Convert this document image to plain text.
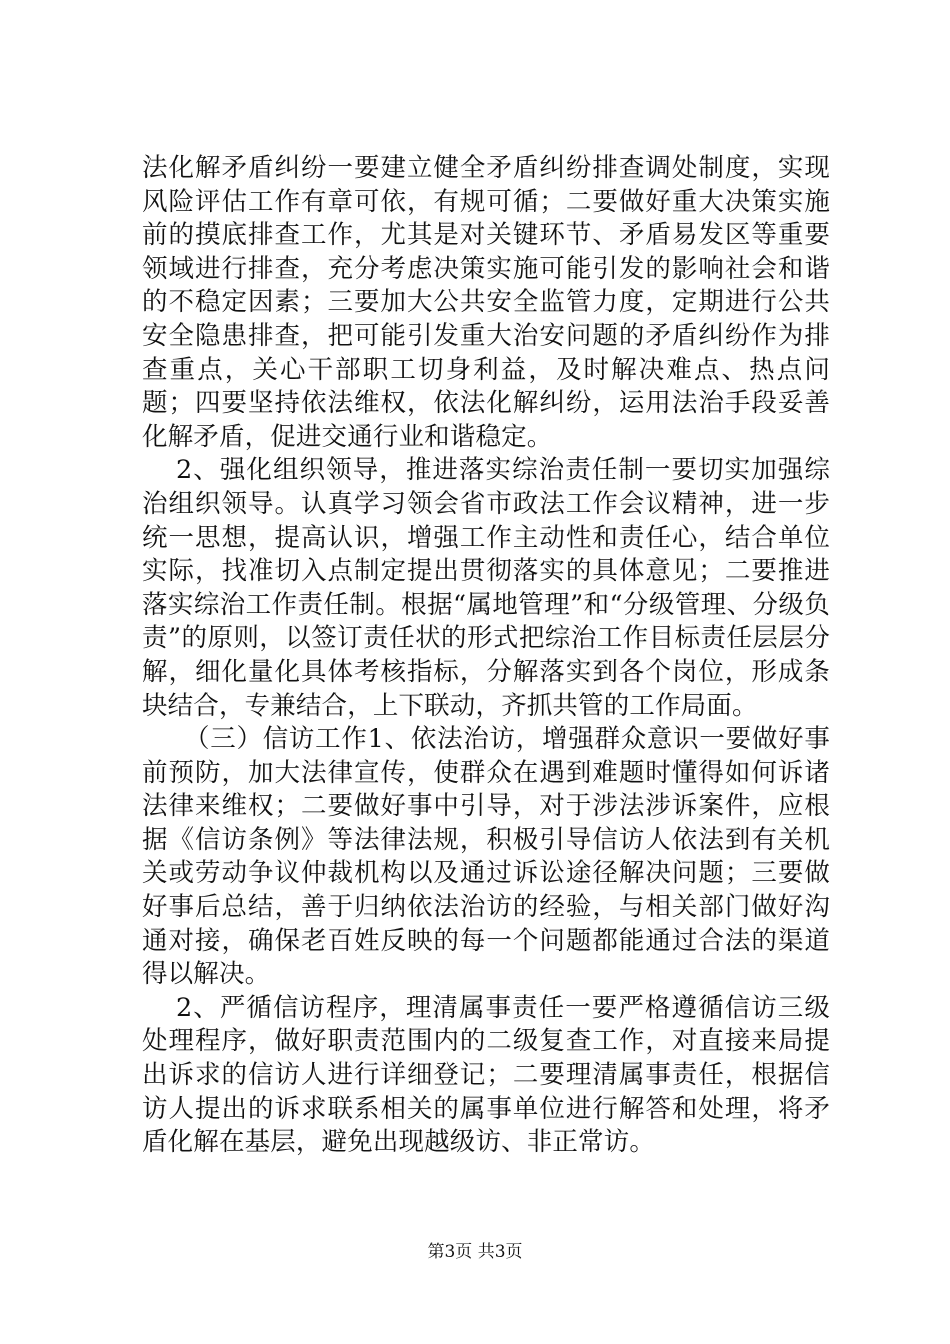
法化解矛盾纠纷一要建立健全矛盾纠纷排查调处制度，实现风险评估工作有章可依，有规可循；二要做好重大决策实施前的摸底排查工作，尤其是对关键环节、矛盾易发区等重要领域进行排查，充分考虑决策实施可能引发的影响社会和谐的不稳定因素；三要加大公共安全监管力度，定期进行公共安全隐患排查，把可能引发重大治安问题的矛盾纠纷作为排查重点，关心干部职工切身利益，及时解决难点、热点问题；四要坚持依法维权，依法化解纠纷，运用法治手段妥善化解矛盾，促进交通行业和谐稳定。

2、强化组织领导，推进落实综治责任制一要切实加强综治组织领导。认真学习领会省市政法工作会议精神，进一步统一思想，提高认识，增强工作主动性和责任心，结合单位实际，找准切入点制定提出贯彻落实的具体意见；二要推进落实综治工作责任制。根据“属地管理”和“分级管理、分级负责”的原则，以签订责任状的形式把综治工作目标责任层层分解，细化量化具体考核指标，分解落实到各个岗位，形成条块结合，专兼结合，上下联动，齐抓共管的工作局面。

（三）信访工作1、依法治访，增强群众意识一要做好事前预防，加大法律宣传，使群众在遇到难题时懂得如何诉诸法律来维权；二要做好事中引导，对于涉法涉诉案件，应根据《信访条例》等法律法规，积极引导信访人依法到有关机关或劳动争议仲裁机构以及通过诉讼途径解决问题；三要做好事后总结，善于归纳依法治访的经验，与相关部门做好沟通对接，确保老百姓反映的每一个问题都能通过合法的渠道得以解决。

2、严循信访程序，理清属事责任一要严格遵循信访三级处理程序，做好职责范围内的二级复查工作，对直接来局提出诉求的信访人进行详细登记；二要理清属事责任，根据信访人提出的诉求联系相关的属事单位进行解答和处理，将矛盾化解在基层，避免出现越级访、非正常访。

第3页 共3页
